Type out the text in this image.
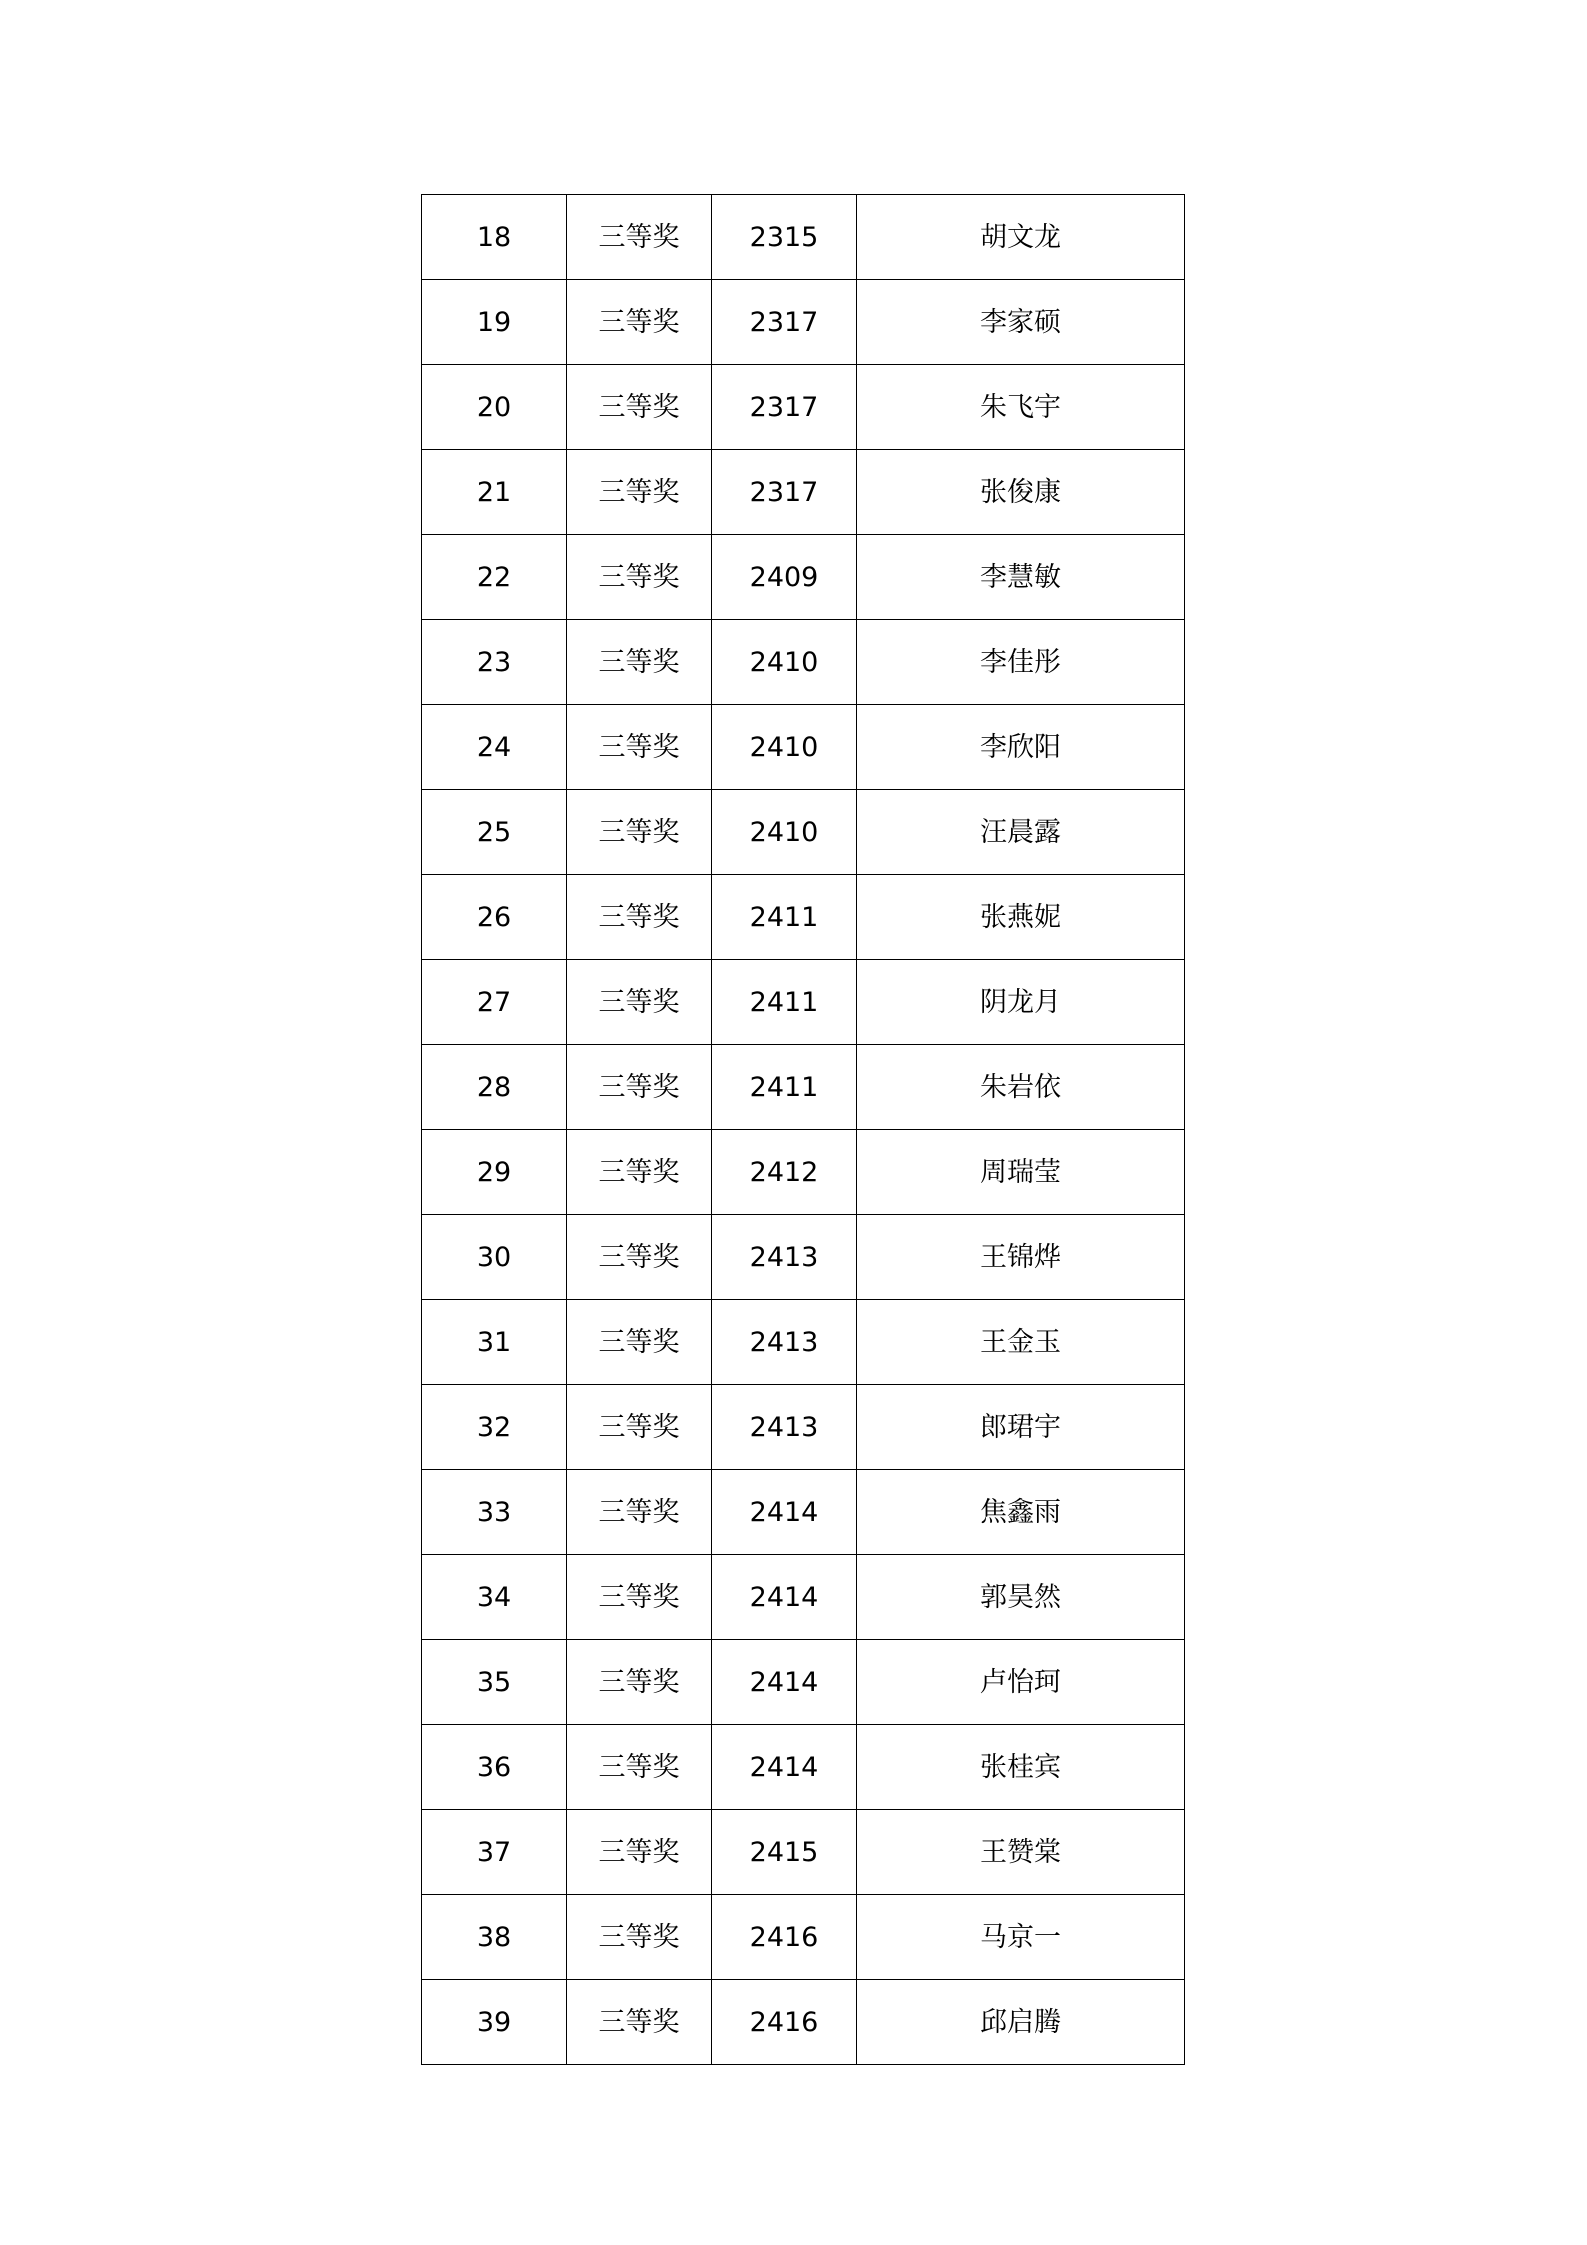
18	三等奖	2315	胡文龙
19	三等奖	2317	李家硕
20	三等奖	2317	朱飞宇
21	三等奖	2317	张俊康
22	三等奖	2409	李慧敏
23	三等奖	2410	李佳彤
24	三等奖	2410	李欣阳
25	三等奖	2410	汪晨露
26	三等奖	2411	张燕妮
27	三等奖	2411	阴龙月
28	三等奖	2411	朱岩依
29	三等奖	2412	周瑞莹
30	三等奖	2413	王锦烨
31	三等奖	2413	王金玉
32	三等奖	2413	郎珺宇
33	三等奖	2414	焦鑫雨
34	三等奖	2414	郭昊然
35	三等奖	2414	卢怡珂
36	三等奖	2414	张桂宾
37	三等奖	2415	王赞棠
38	三等奖	2416	马京一
39	三等奖	2416	邱启腾
